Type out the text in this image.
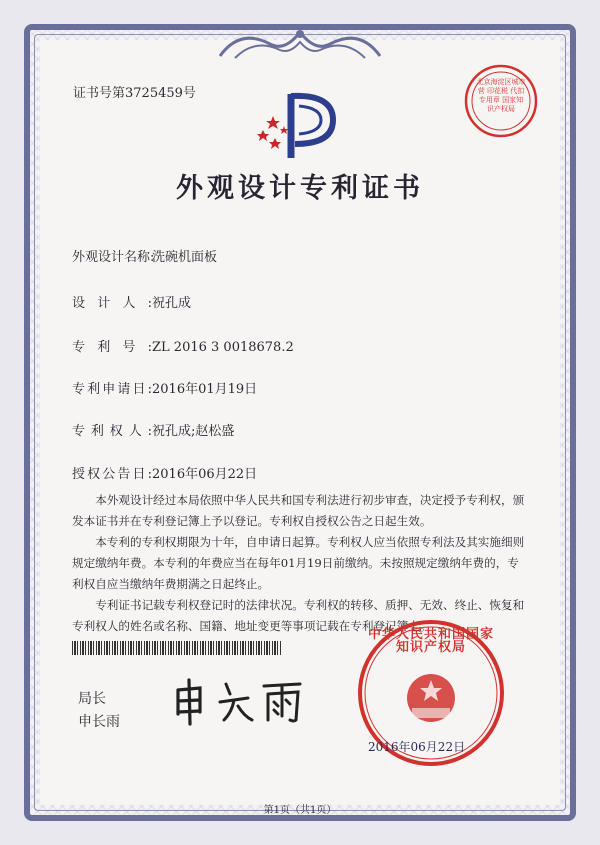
证书号第3725459号
北京海淀区城市营 印花税 代扣专用章 国家知识产权局
外观设计专利证书
外观设计名称:洗碗机面板
设计人:祝孔成
专利号:ZL 2016 3 0018678.2
专利申请日:2016年01月19日
专利权人:祝孔成;赵松盛
授权公告日:2016年06月22日
本外观设计经过本局依照中华人民共和国专利法进行初步审查，决定授予专利权，颁发本证书并在专利登记簿上予以登记。专利权自授权公告之日起生效。
本专利的专利权期限为十年，自申请日起算。专利权人应当依照专利法及其实施细则规定缴纳年费。本专利的年费应当在每年01月19日前缴纳。未按照规定缴纳年费的，专利权自应当缴纳年费期满之日起终止。
专利证书记载专利权登记时的法律状况。专利权的转移、质押、无效、终止、恢复和专利权人的姓名或名称、国籍、地址变更等事项记载在专利登记簿上。
局长
申长雨
中华人民共和国国家知识产权局
2016年06月22日
第1页（共1页）
